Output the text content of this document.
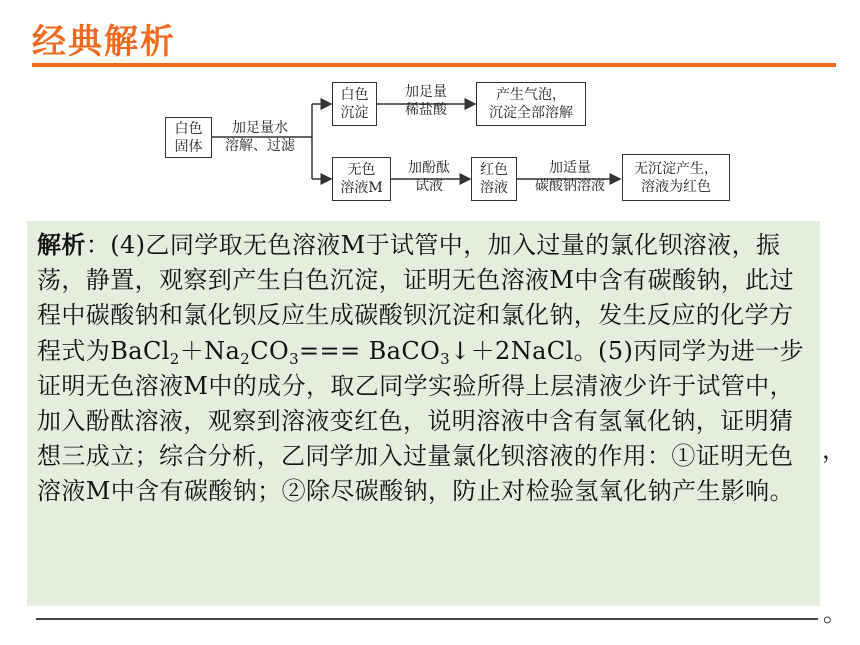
经典解析
白色
固体
加足量水
溶解、过滤
白色
沉淀
加足量
稀盐酸
产生气泡，
沉淀全部溶解
无色
溶液M
加酚酞
试液
红色
溶液
加适量
碳酸钠溶液
无沉淀产生，
溶液为红色
，
。
解析：(4)乙同学取无色溶液M于试管中，加入过量的氯化钡溶液，振荡，静置，观察到产生白色沉淀，证明无色溶液M中含有碳酸钠，此过程中碳酸钠和氯化钡反应生成碳酸钡沉淀和氯化钠，发生反应的化学方程式为$BaCl_2+Na_2CO_3===$ BaCO$_3$↓＋2NaCl。(5)丙同学为进一步证明无色溶液M中的成分，取乙同学实验所得上层清液少许于试管中，加入酚酞溶液，观察到溶液变红色，说明溶液中含有氢氧化钠，证明猜想三成立；综合分析，乙同学加入过量氯化钡溶液的作用：①证明无色溶液M中含有碳酸钠；②除尽碳酸钠，防止对检验氢氧化钠产生影响。
